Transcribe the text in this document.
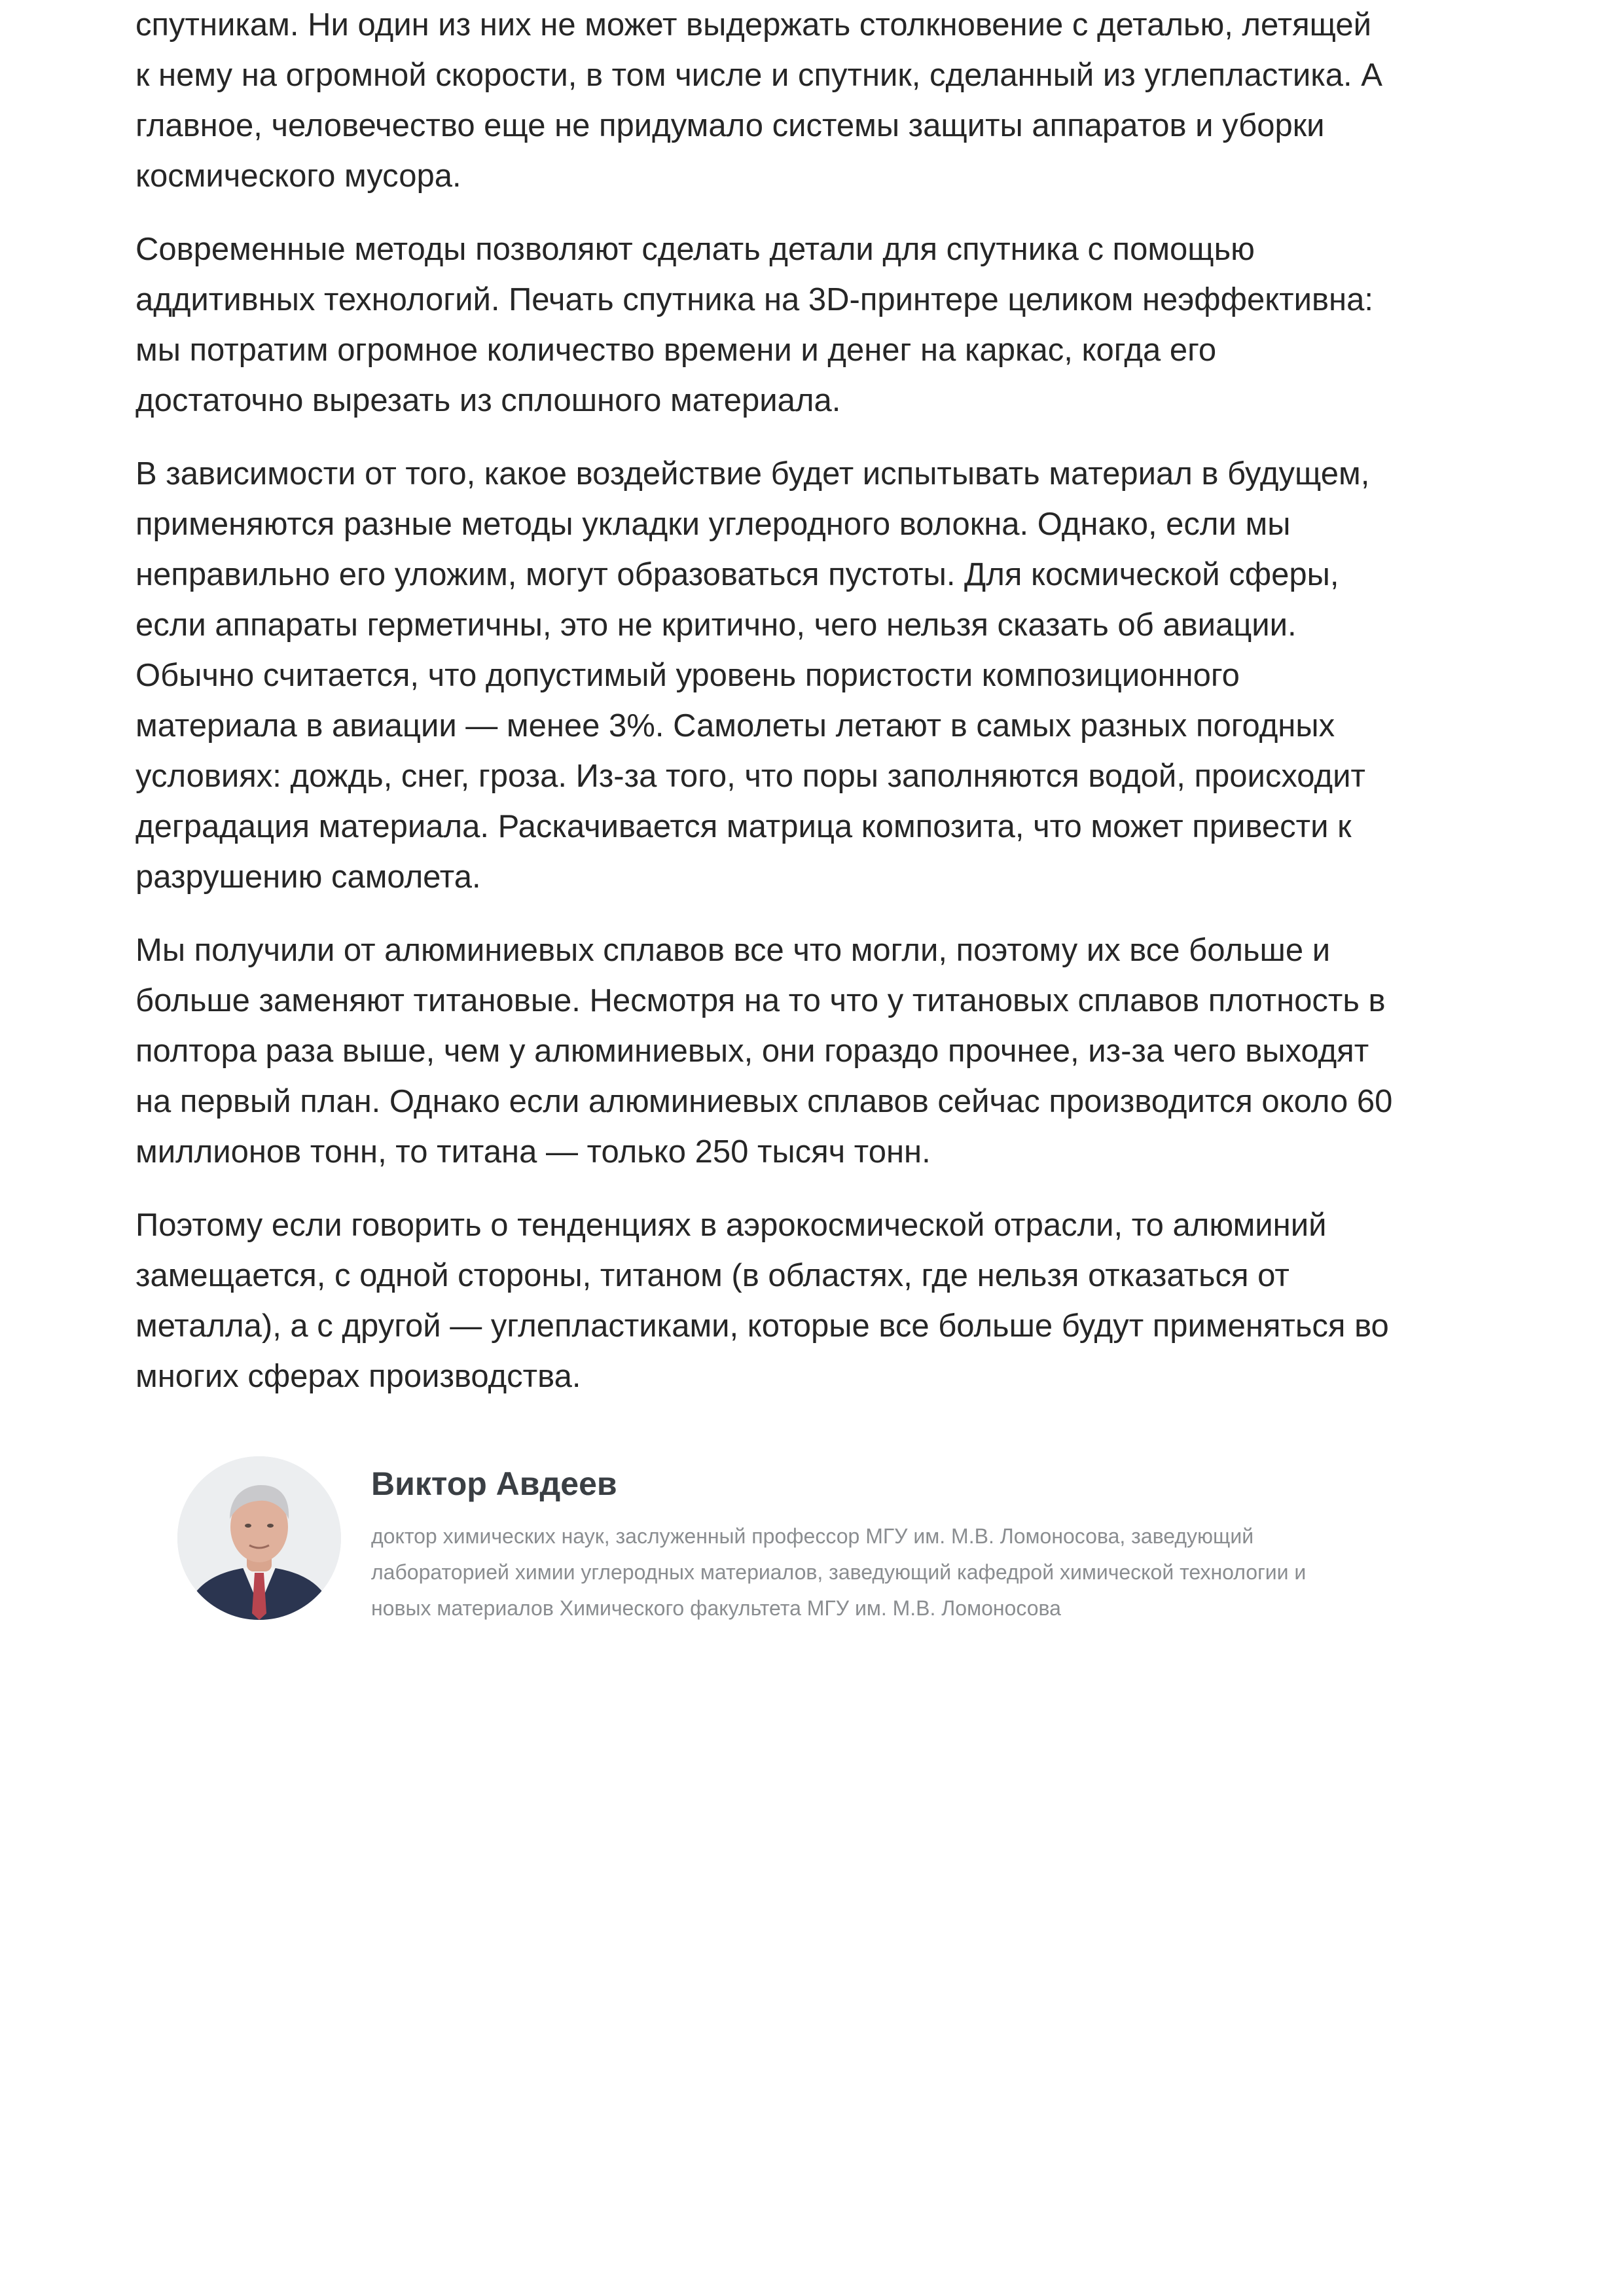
спутникам. Ни один из них не может выдержать столкновение с деталью, летящей
к нему на огромной скорости, в том числе и спутник, сделанный из углепластика. А
главное, человечество еще не придумало системы защиты аппаратов и уборки
космического мусора.

Современные методы позволяют сделать детали для спутника с помощью
аддитивных технологий. Печать спутника на 3D-принтере целиком неэффективна:
мы потратим огромное количество времени и денег на каркас, когда его
достаточно вырезать из сплошного материала.

В зависимости от того, какое воздействие будет испытывать материал в будущем,
применяются разные методы укладки углеродного волокна. Однако, если мы
неправильно его уложим, могут образоваться пустоты. Для космической сферы,
если аппараты герметичны, это не критично, чего нельзя сказать об авиации.
Обычно считается, что допустимый уровень пористости композиционного
материала в авиации — менее 3%. Самолеты летают в самых разных погодных
условиях: дождь, снег, гроза. Из-за того, что поры заполняются водой, происходит
деградация материала. Раскачивается матрица композита, что может привести к
разрушению самолета.

Мы получили от алюминиевых сплавов все что могли, поэтому их все больше и
больше заменяют титановые. Несмотря на то что у титановых сплавов плотность в
полтора раза выше, чем у алюминиевых, они гораздо прочнее, из-за чего выходят
на первый план. Однако если алюминиевых сплавов сейчас производится около 60
миллионов тонн, то титана — только 250 тысяч тонн.

Поэтому если говорить о тенденциях в аэрокосмической отрасли, то алюминий
замещается, с одной стороны, титаном (в областях, где нельзя отказаться от
металла), а с другой — углепластиками, которые все больше будут применяться во
многих сферах производства.

Виктор Авдеев
доктор химических наук, заслуженный профессор МГУ им. М.В. Ломоносова, заведующий
лабораторией химии углеродных материалов, заведующий кафедрой химической технологии и
новых материалов Химического факультета МГУ им. М.В. Ломоносова
